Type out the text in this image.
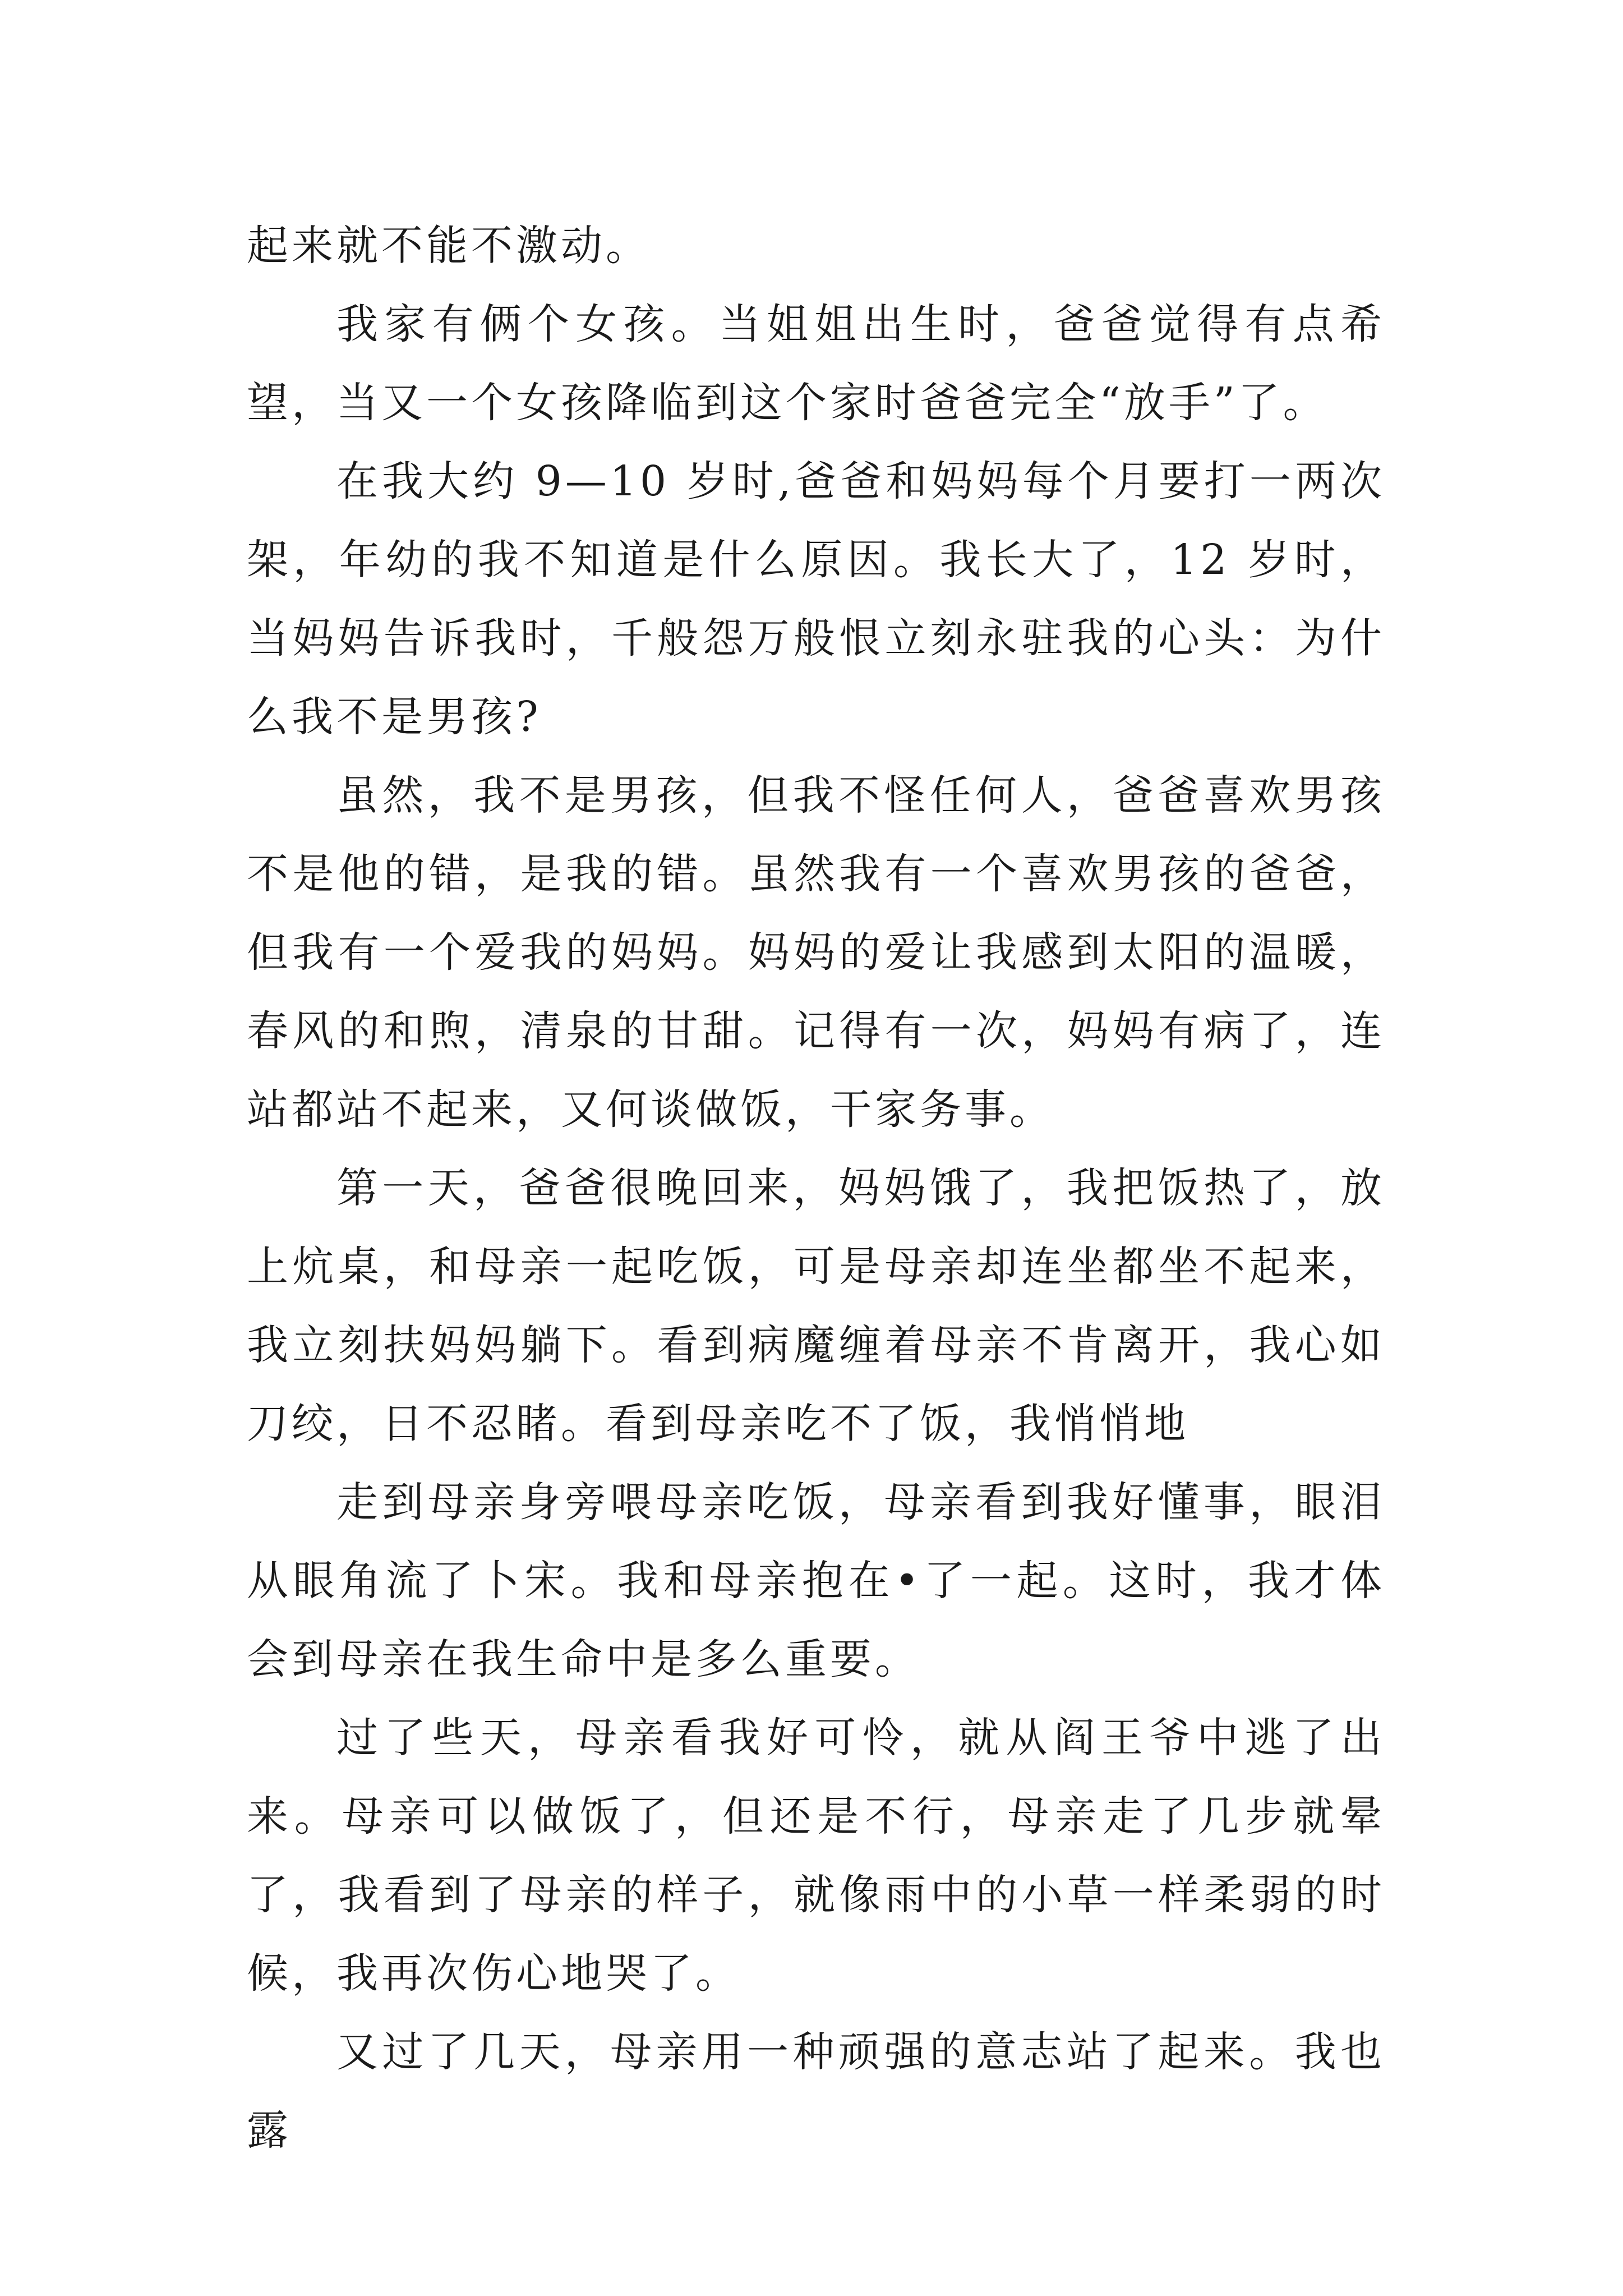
起来就不能不激动。

我家有俩个女孩。当姐姐出生时，爸爸觉得有点希望，当又一个女孩降临到这个家时爸爸完全“放手”了。

在我大约 9—10 岁时,爸爸和妈妈每个月要打一两次架，年幼的我不知道是什么原因。我长大了，12 岁时，当妈妈告诉我时，千般怨万般恨立刻永驻我的心头：为什么我不是男孩?

虽然，我不是男孩，但我不怪任何人，爸爸喜欢男孩不是他的错，是我的错。虽然我有一个喜欢男孩的爸爸，但我有一个爱我的妈妈。妈妈的爱让我感到太阳的温暖，春风的和煦，清泉的甘甜。记得有一次，妈妈有病了，连站都站不起来，又何谈做饭，干家务事。

第一天，爸爸很晚回来，妈妈饿了，我把饭热了，放上炕桌，和母亲一起吃饭，可是母亲却连坐都坐不起来，我立刻扶妈妈躺下。看到病魔缠着母亲不肯离开，我心如刀绞，日不忍睹。看到母亲吃不了饭，我悄悄地

走到母亲身旁喂母亲吃饭，母亲看到我好懂事，眼泪从眼角流了卜宋。我和母亲抱在•了一起。这时，我才体会到母亲在我生命中是多么重要。

过了些天，母亲看我好可怜，就从阎王爷中逃了出来。母亲可以做饭了，但还是不行，母亲走了几步就晕了，我看到了母亲的样子，就像雨中的小草一样柔弱的时候，我再次伤心地哭了。

又过了几天，母亲用一种顽强的意志站了起来。我也露
